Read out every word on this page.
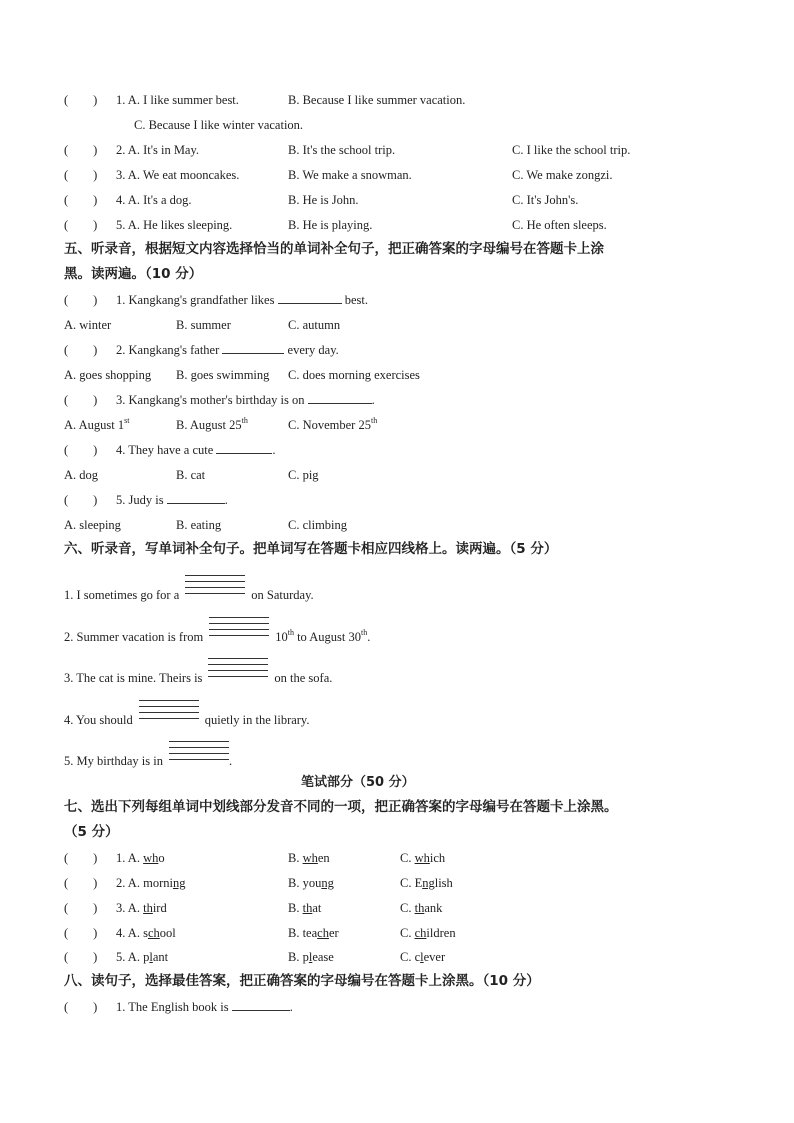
(　　) 1. A. I like summer best.	B. Because I like summer vacation.
C. Because I like winter vacation.
(　　) 2. A. It's in May.	B. It's the school trip.	C. I like the school trip.
(　　) 3. A. We eat mooncakes.	B. We make a snowman.	C. We make zongzi.
(　　) 4. A. It's a dog.	B. He is John.	C. It's John's.
(　　) 5. A. He likes sleeping.	B. He is playing.	C. He often sleeps.
五、听录音，根据短文内容选择恰当的单词补全句子，把正确答案的字母编号在答题卡上涂
黑。读两遍。（10 分）
(　　) 1. Kangkang's grandfather likes	best.
A. winter	B. summer	C. autumn
(　　) 2. Kangkang's father	every day.
A. goes shopping B. goes swimming C. does morning exercises
(　　) 3. Kangkang's mother's birthday is on	.
A. August 1st	B. August 25th	C. November 25th
(　　) 4. They have a cute	.
A. dog	B. cat	C. pig
(　　) 5. Judy is	.
A. sleeping	B. eating	C. climbing
六、听录音，写单词补全句子。把单词写在答题卡相应四线格上。读两遍。（5 分）
1. I sometimes go for a	on Saturday.
2. Summer vacation is from	10th to August 30th.
3. The cat is mine. Theirs is	on the sofa.
4. You should	quietly in the library.
5. My birthday is in	.
笔试部分（50 分）
七、选出下列每组单词中划线部分发音不同的一项，把正确答案的字母编号在答题卡上涂黑。
（5 分）
(　　) 1. A. who	B. when	C. which
(　　) 2. A. morning	B. young	C. English
(　　) 3. A. third	B. that	C. thank
(　　) 4. A. school	B. teacher	C. children
(　　) 5. A. plant	B. please	C. clever
八、读句子，选择最佳答案，把正确答案的字母编号在答题卡上涂黑。（10 分）
(　　) 1. The English book is	.
